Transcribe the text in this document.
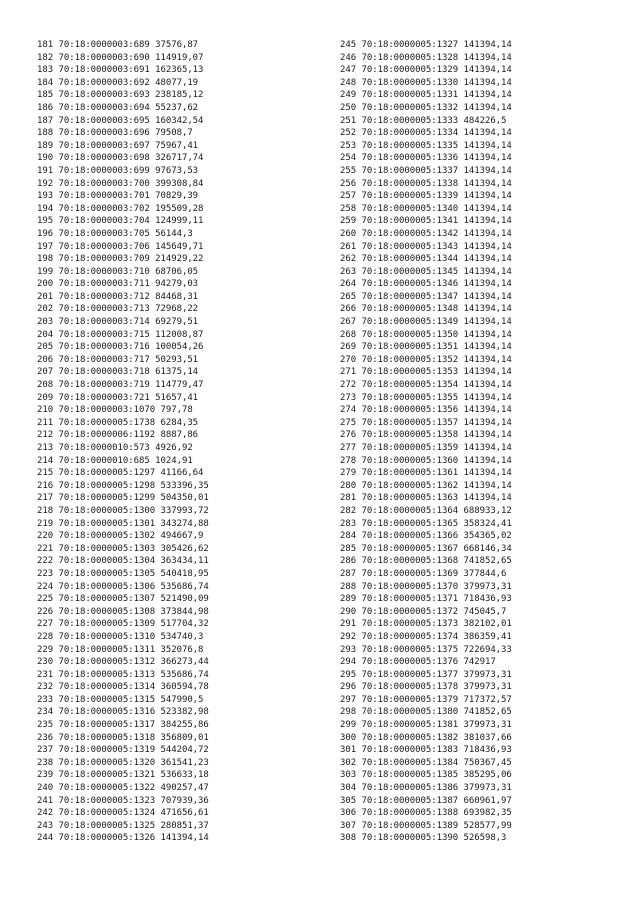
181 70:18:0000003:689 37576,87
182 70:18:0000003:690 114919,07
183 70:18:0000003:691 162365,13
184 70:18:0000003:692 48077,19
185 70:18:0000003:693 238185,12
186 70:18:0000003:694 55237,62
187 70:18:0000003:695 160342,54
188 70:18:0000003:696 79508,7
189 70:18:0000003:697 75967,41
190 70:18:0000003:698 326717,74
191 70:18:0000003:699 97673,53
192 70:18:0000003:700 399308,84
193 70:18:0000003:701 70829,39
194 70:18:0000003:702 195509,28
195 70:18:0000003:704 124999,11
196 70:18:0000003:705 56144,3
197 70:18:0000003:706 145649,71
198 70:18:0000003:709 214929,22
199 70:18:0000003:710 68706,05
200 70:18:0000003:711 94279,03
201 70:18:0000003:712 84468,31
202 70:18:0000003:713 72968,22
203 70:18:0000003:714 69279,51
204 70:18:0000003:715 112008,87
205 70:18:0000003:716 100054,26
206 70:18:0000003:717 50293,51
207 70:18:0000003:718 61375,14
208 70:18:0000003:719 114779,47
209 70:18:0000003:721 51657,41
210 70:18:0000003:1070 797,78
211 70:18:0000005:1738 6284,35
212 70:18:0000006:1192 8887,86
213 70:18:0000010:573 4926,92
214 70:18:0000010:685 1024,91
215 70:18:0000005:1297 41166,64
216 70:18:0000005:1298 533396,35
217 70:18:0000005:1299 504350,01
218 70:18:0000005:1300 337993,72
219 70:18:0000005:1301 343274,88
220 70:18:0000005:1302 494667,9
221 70:18:0000005:1303 305426,62
222 70:18:0000005:1304 363434,11
223 70:18:0000005:1305 540418,95
224 70:18:0000005:1306 535686,74
225 70:18:0000005:1307 521490,09
226 70:18:0000005:1308 373844,98
227 70:18:0000005:1309 517704,32
228 70:18:0000005:1310 534740,3
229 70:18:0000005:1311 352076,8
230 70:18:0000005:1312 366273,44
231 70:18:0000005:1313 535686,74
232 70:18:0000005:1314 360594,78
233 70:18:0000005:1315 547990,5
234 70:18:0000005:1316 523382,98
235 70:18:0000005:1317 384255,86
236 70:18:0000005:1318 356809,01
237 70:18:0000005:1319 544204,72
238 70:18:0000005:1320 361541,23
239 70:18:0000005:1321 536633,18
240 70:18:0000005:1322 490257,47
241 70:18:0000005:1323 707939,36
242 70:18:0000005:1324 471656,61
243 70:18:0000005:1325 280851,37
244 70:18:0000005:1326 141394,14
245 70:18:0000005:1327 141394,14
246 70:18:0000005:1328 141394,14
247 70:18:0000005:1329 141394,14
248 70:18:0000005:1330 141394,14
249 70:18:0000005:1331 141394,14
250 70:18:0000005:1332 141394,14
251 70:18:0000005:1333 484226,5
252 70:18:0000005:1334 141394,14
253 70:18:0000005:1335 141394,14
254 70:18:0000005:1336 141394,14
255 70:18:0000005:1337 141394,14
256 70:18:0000005:1338 141394,14
257 70:18:0000005:1339 141394,14
258 70:18:0000005:1340 141394,14
259 70:18:0000005:1341 141394,14
260 70:18:0000005:1342 141394,14
261 70:18:0000005:1343 141394,14
262 70:18:0000005:1344 141394,14
263 70:18:0000005:1345 141394,14
264 70:18:0000005:1346 141394,14
265 70:18:0000005:1347 141394,14
266 70:18:0000005:1348 141394,14
267 70:18:0000005:1349 141394,14
268 70:18:0000005:1350 141394,14
269 70:18:0000005:1351 141394,14
270 70:18:0000005:1352 141394,14
271 70:18:0000005:1353 141394,14
272 70:18:0000005:1354 141394,14
273 70:18:0000005:1355 141394,14
274 70:18:0000005:1356 141394,14
275 70:18:0000005:1357 141394,14
276 70:18:0000005:1358 141394,14
277 70:18:0000005:1359 141394,14
278 70:18:0000005:1360 141394,14
279 70:18:0000005:1361 141394,14
280 70:18:0000005:1362 141394,14
281 70:18:0000005:1363 141394,14
282 70:18:0000005:1364 688933,12
283 70:18:0000005:1365 358324,41
284 70:18:0000005:1366 354365,02
285 70:18:0000005:1367 668146,34
286 70:18:0000005:1368 741852,65
287 70:18:0000005:1369 377844,6
288 70:18:0000005:1370 379973,31
289 70:18:0000005:1371 718436,93
290 70:18:0000005:1372 745045,7
291 70:18:0000005:1373 382102,01
292 70:18:0000005:1374 386359,41
293 70:18:0000005:1375 722694,33
294 70:18:0000005:1376 742917
295 70:18:0000005:1377 379973,31
296 70:18:0000005:1378 379973,31
297 70:18:0000005:1379 717372,57
298 70:18:0000005:1380 741852,65
299 70:18:0000005:1381 379973,31
300 70:18:0000005:1382 381037,66
301 70:18:0000005:1383 718436,93
302 70:18:0000005:1384 750367,45
303 70:18:0000005:1385 385295,06
304 70:18:0000005:1386 379973,31
305 70:18:0000005:1387 660961,97
306 70:18:0000005:1388 693982,35
307 70:18:0000005:1389 528577,99
308 70:18:0000005:1390 526598,3
